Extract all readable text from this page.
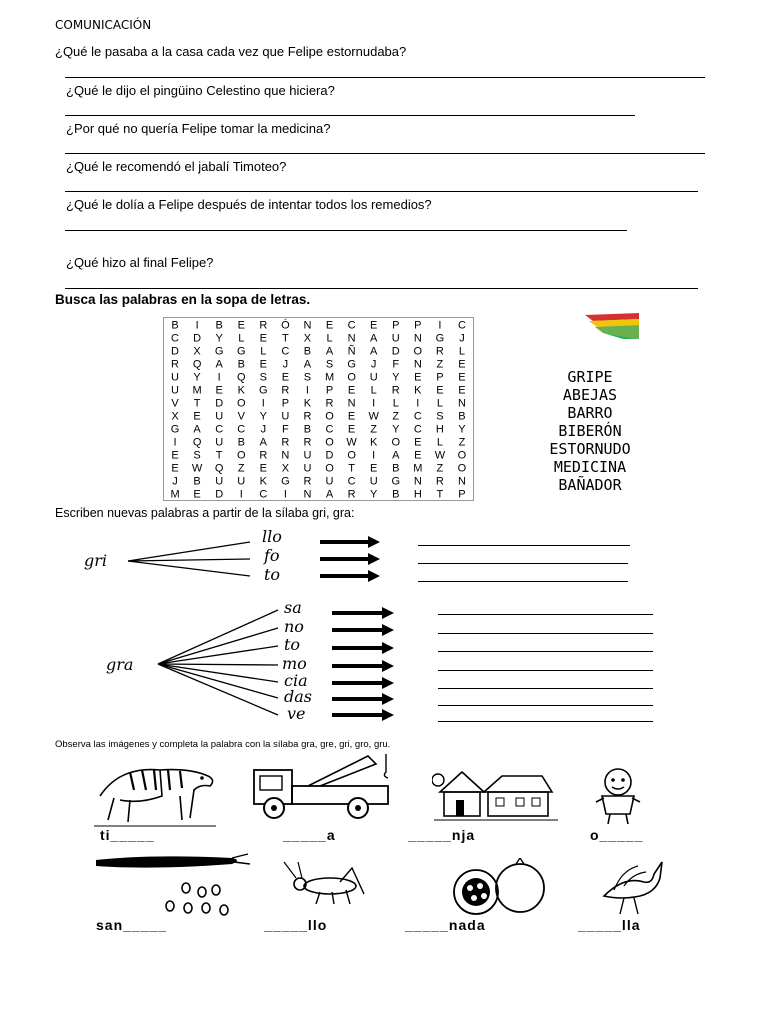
COMUNICACIÓN
¿Qué le pasaba a la casa cada vez que Felipe estornudaba?
¿Qué le dijo el pingüino Celestino que hiciera?
¿Por qué no quería Felipe tomar la medicina?
¿Qué le recomendó el jabalí Timoteo?
¿Qué le dolía a Felipe después de intentar todos los remedios?
¿Qué hizo al final Felipe?
Busca las palabras en la sopa de letras.
B I B E R Ó N E C E P P I C
C D Y L E T X L N A U N G J
D X G G L C B A Ñ A D O R L
R Q A B E J A S G J F N Z E
U Y I Q S E S M O U Y E P E
U M E K G R I P E L R K E E
V T D O I P K R N I L I L N
X E U V Y U R O E W Z C S B
G A C C J F B C E Z Y C H Y
I Q U B A R R O W K O E L Z
E S T O R N U D O I A E W O
E W Q Z E X U O T E B M Z O
J B U U K G R U C U G N R N
M E D I C I N A R Y B H T P
GRIPE
ABEJAS
BARRO
BIBERÓN
ESTORNUDO
MEDICINA
BAÑADOR
Escriben nuevas palabras a partir de la sílaba gri, gra:
gri
llo
fo
to
gra
sa
no
to
mo
cia
das
ve
Observa las imágenes y completa la palabra con la sílaba gra, gre, gri, gro, gru.
ti_____	_____a	_____nja	o_____
san_____	_____llo	_____nada	_____lla
